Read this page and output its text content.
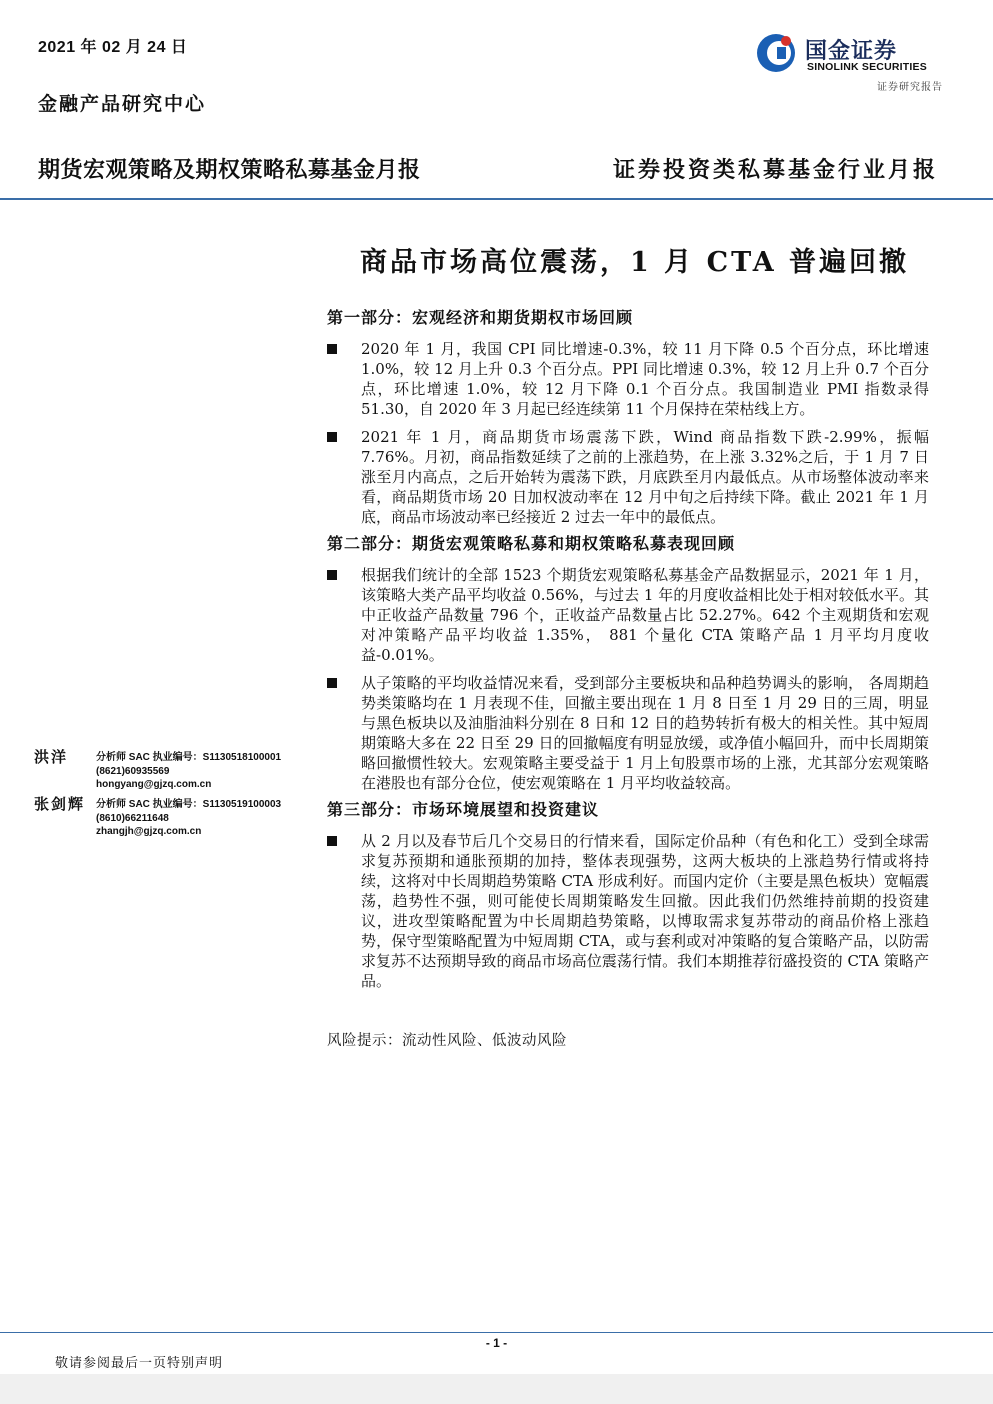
2021 年 02 月 24 日
金融产品研究中心
国金证券
SINOLINK SECURITIES
证券研究报告
期货宏观策略及期权策略私募基金月报	证券投资类私募基金行业月报
商品市场高位震荡，1 月 CTA 普遍回撤
洪洋	分析师 SAC 执业编号：S1130518100001
(8621)60935569
hongyang@gjzq.com.cn
张剑辉 分析师 SAC 执业编号：S1130519100003
(8610)66211648
zhangjh@gjzq.com.cn
第一部分：宏观经济和期货期权市场回顾
2020 年 1 月，我国 CPI 同比增速-0.3%，较 11 月下降 0.5 个百分点，环比增速 1.0%，较 12 月上升 0.3 个百分点。PPI 同比增速 0.3%，较 12 月上升 0.7 个百分点，环比增速 1.0%，较 12 月下降 0.1 个百分点。我国制造业 PMI 指数录得 51.30，自 2020 年 3 月起已经连续第 11 个月保持在荣枯线上方。
2021 年 1 月，商品期货市场震荡下跌，Wind 商品指数下跌-2.99%，振幅 7.76%。月初，商品指数延续了之前的上涨趋势，在上涨 3.32%之后，于 1 月 7 日涨至月内高点，之后开始转为震荡下跌，月底跌至月内最低点。从市场整体波动率来看，商品期货市场 20 日加权波动率在 12 月中旬之后持续下降。截止 2021 年 1 月底，商品市场波动率已经接近 2 过去一年中的最低点。
第二部分：期货宏观策略私募和期权策略私募表现回顾
根据我们统计的全部 1523 个期货宏观策略私募基金产品数据显示，2021 年 1 月，该策略大类产品平均收益 0.56%，与过去 1 年的月度收益相比处于相对较低水平。其中正收益产品数量 796 个，正收益产品数量占比 52.27%。642 个主观期货和宏观对冲策略产品平均收益 1.35%， 881 个量化 CTA 策略产品 1 月平均月度收益-0.01%。
从子策略的平均收益情况来看，受到部分主要板块和品种趋势调头的影响， 各周期趋势类策略均在 1 月表现不佳，回撤主要出现在 1 月 8 日至 1 月 29 日的三周，明显与黑色板块以及油脂油料分别在 8 日和 12 日的趋势转折有极大的相关性。其中短周期策略大多在 22 日至 29 日的回撤幅度有明显放缓，或净值小幅回升，而中长周期策略回撤惯性较大。宏观策略主要受益于 1 月上旬股票市场的上涨，尤其部分宏观策略在港股也有部分仓位，使宏观策略在 1 月平均收益较高。
第三部分：市场环境展望和投资建议
从 2 月以及春节后几个交易日的行情来看，国际定价品种（有色和化工）受到全球需求复苏预期和通胀预期的加持，整体表现强势，这两大板块的上涨趋势行情或将持续，这将对中长周期趋势策略 CTA 形成利好。而国内定价（主要是黑色板块）宽幅震荡，趋势性不强，则可能使长周期策略发生回撤。因此我们仍然维持前期的投资建议，进攻型策略配置为中长周期趋势策略，以博取需求复苏带动的商品价格上涨趋势，保守型策略配置为中短周期 CTA，或与套利或对冲策略的复合策略产品，以防需求复苏不达预期导致的商品市场高位震荡行情。我们本期推荐衍盛投资的 CTA 策略产品。
风险提示：流动性风险、低波动风险
- 1 -
敬请参阅最后一页特别声明
